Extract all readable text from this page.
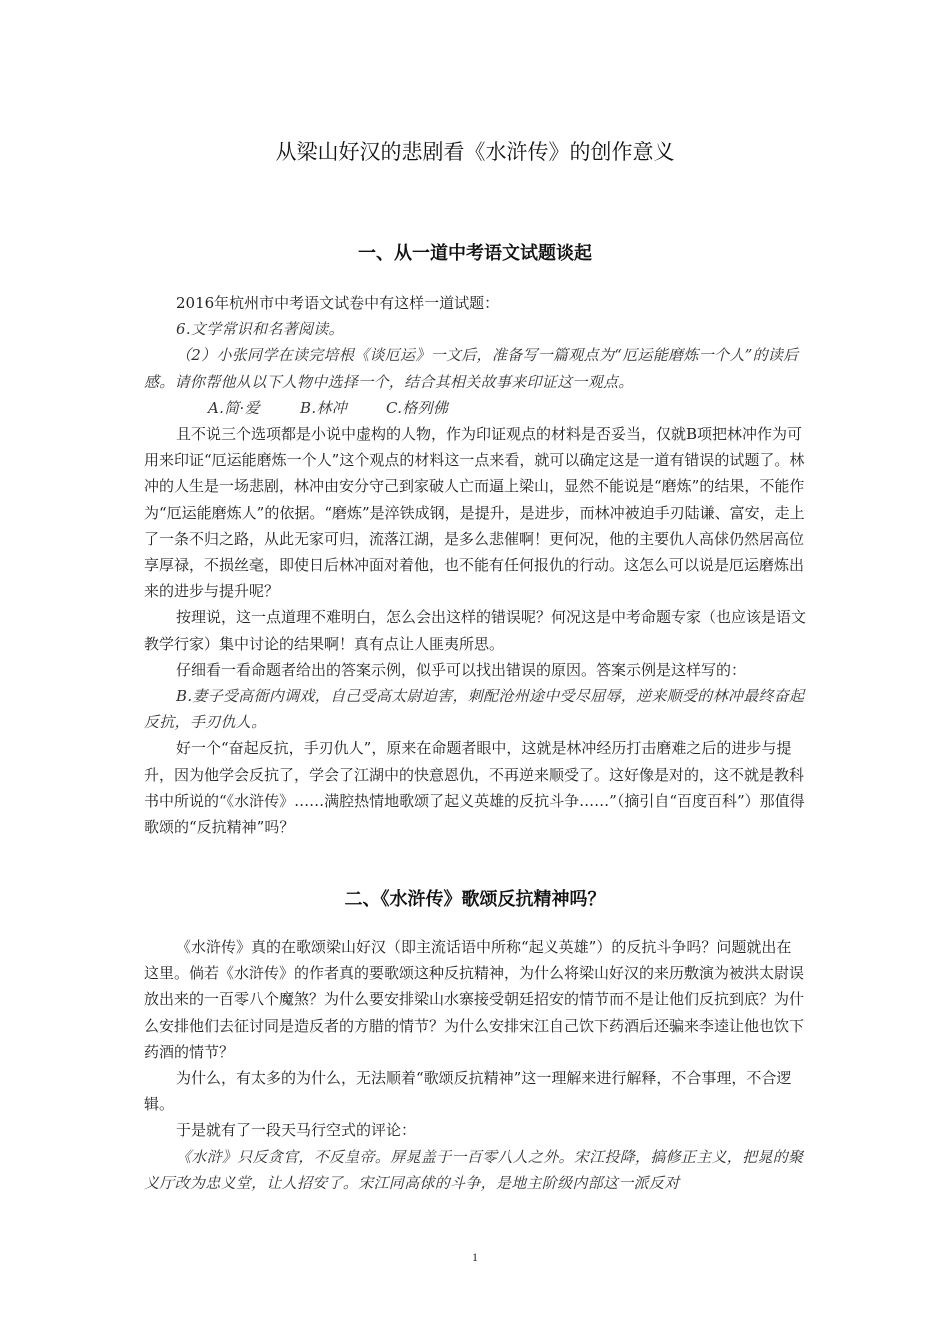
从梁山好汉的悲剧看《水浒传》的创作意义
一、从一道中考语文试题谈起

2016年杭州市中考语文试卷中有这样一道试题：

6.文学常识和名著阅读。

（2）小张同学在读完培根《谈厄运》一文后，准备写一篇观点为“厄运能磨炼一个人”的读后感。请你帮他从以下人物中选择一个，结合其相关故事来印证这一观点。

A.简·爱	B.林冲	C.格列佛

且不说三个选项都是小说中虚构的人物，作为印证观点的材料是否妥当，仅就B项把林冲作为可用来印证“厄运能磨炼一个人”这个观点的材料这一点来看，就可以确定这是一道有错误的试题了。林冲的人生是一场悲剧，林冲由安分守己到家破人亡而逼上梁山，显然不能说是“磨炼”的结果，不能作为“厄运能磨炼人”的依据。“磨炼”是淬铁成钢，是提升，是进步，而林冲被迫手刃陆谦、富安，走上了一条不归之路，从此无家可归，流落江湖，是多么悲催啊！更何况，他的主要仇人高俅仍然居高位享厚禄，不损丝毫，即使日后林冲面对着他，也不能有任何报仇的行动。这怎么可以说是厄运磨炼出来的进步与提升呢？

按理说，这一点道理不难明白，怎么会出这样的错误呢？何况这是中考命题专家（也应该是语文教学行家）集中讨论的结果啊！真有点让人匪夷所思。

仔细看一看命题者给出的答案示例，似乎可以找出错误的原因。答案示例是这样写的：

B.妻子受高衙内调戏，自己受高太尉迫害，刺配沧州途中受尽屈辱，逆来顺受的林冲最终奋起反抗，手刃仇人。

好一个“奋起反抗，手刃仇人”，原来在命题者眼中，这就是林冲经历打击磨难之后的进步与提升，因为他学会反抗了，学会了江湖中的快意恩仇，不再逆来顺受了。这好像是对的，这不就是教科书中所说的“《水浒传》……满腔热情地歌颂了起义英雄的反抗斗争……”（摘引自“百度百科”）那值得歌颂的“反抗精神”吗？

二、《水浒传》歌颂反抗精神吗？

《水浒传》真的在歌颂梁山好汉（即主流话语中所称“起义英雄”）的反抗斗争吗？问题就出在这里。倘若《水浒传》的作者真的要歌颂这种反抗精神，为什么将梁山好汉的来历敷演为被洪太尉误放出来的一百零八个魔煞？为什么要安排梁山水寨接受朝廷招安的情节而不是让他们反抗到底？为什么安排他们去征讨同是造反者的方腊的情节？为什么安排宋江自己饮下药酒后还骗来李逵让他也饮下药酒的情节？

为什么，有太多的为什么，无法顺着“歌颂反抗精神”这一理解来进行解释，不合事理，不合逻辑。

于是就有了一段天马行空式的评论：

《水浒》只反贪官，不反皇帝。屏晁盖于一百零八人之外。宋江投降，搞修正主义，把晁的聚义厅改为忠义堂，让人招安了。宋江同高俅的斗争，是地主阶级内部这一派反对

1
